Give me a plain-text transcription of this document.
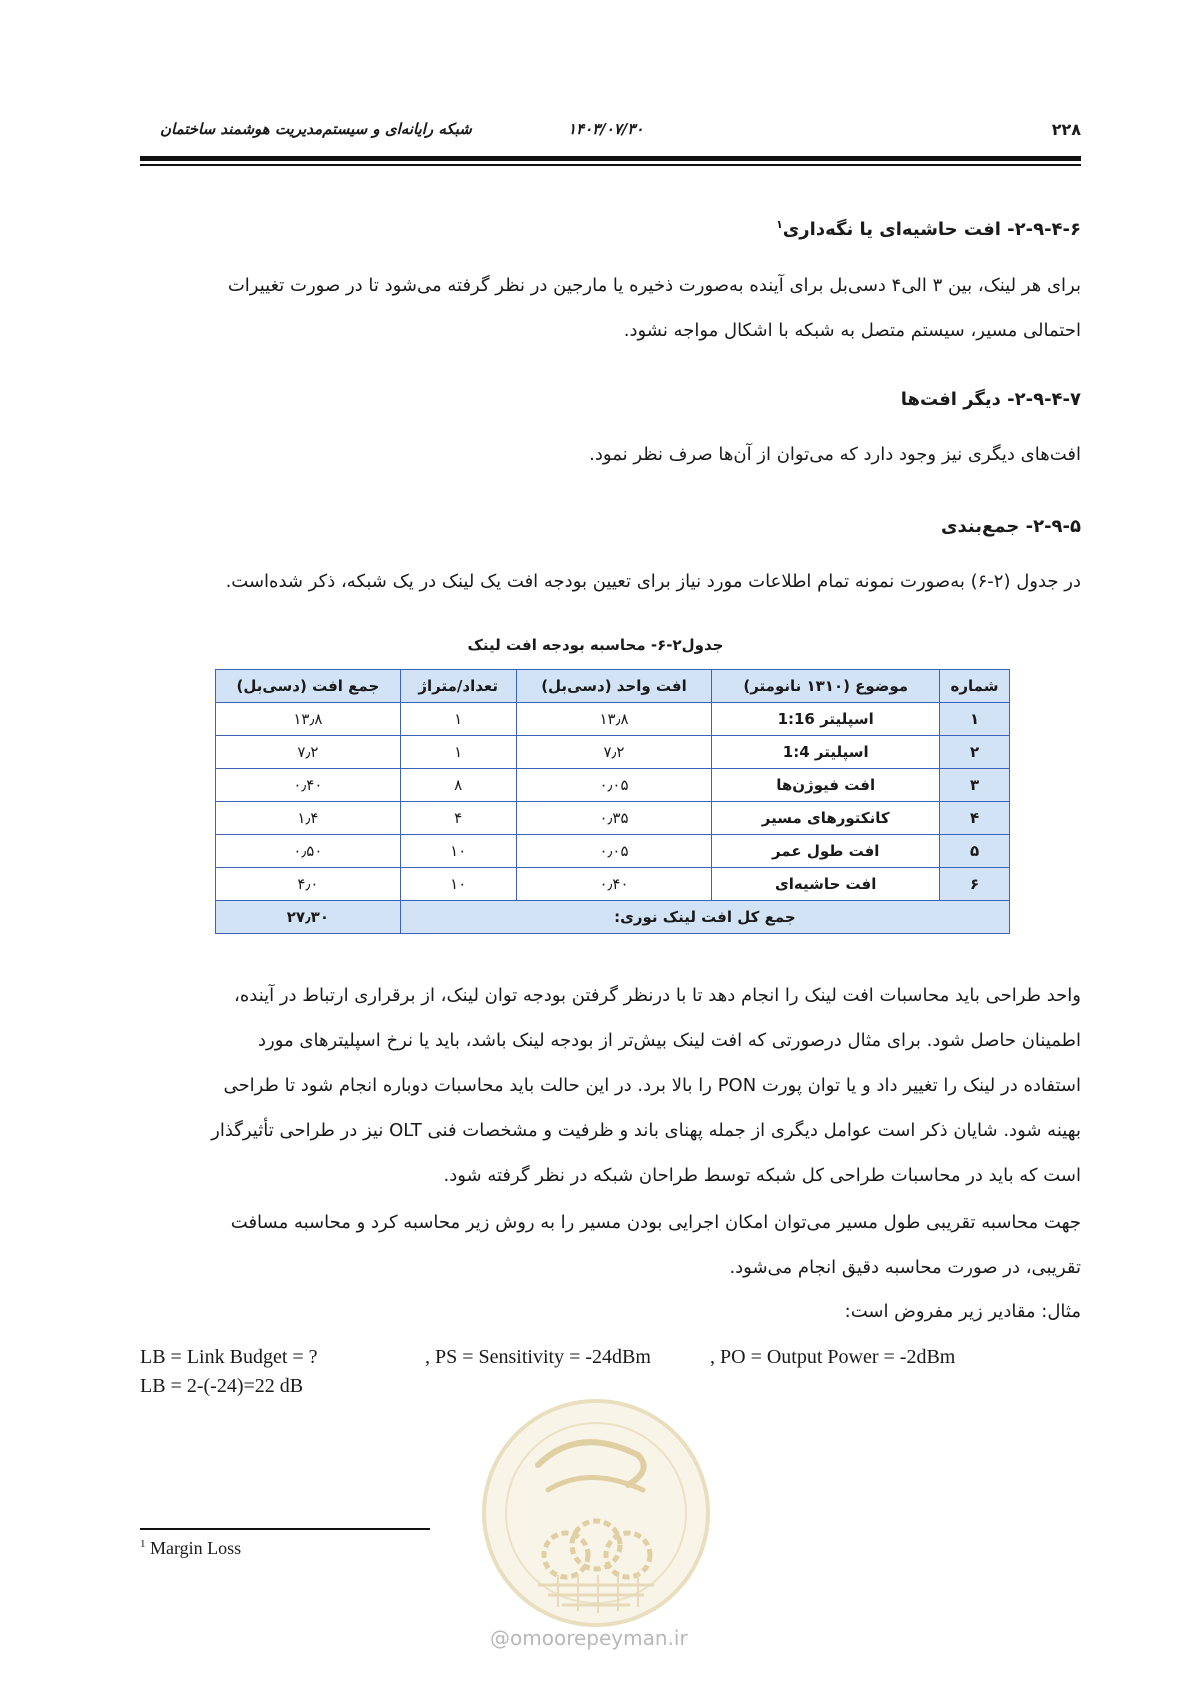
۲۲۸
۱۴۰۳/۰۷/۳۰
شبکه رایانه‌ای و سیستم‌مدیریت هوشمند ساختمان
۲-۹-۴-۶- افت حاشیه‌ای یا نگه‌داری$^۱$
برای هر لینک، بین ۳ الی۴ دسی‌بل برای آینده به‌صورت ذخیره یا مارجین در نظر گرفته می‌شود تا در صورت تغییرات
احتمالی مسیر، سیستم متصل به شبکه با اشکال مواجه نشود.
۲-۹-۴-۷- دیگر افت‌ها
افت‌های دیگری نیز وجود دارد که می‌توان از آن‌ها صرف نظر نمود.
۲-۹-۵- جمع‌بندی
در جدول (۲-۶) به‌صورت نمونه تمام اطلاعات مورد نیاز برای تعیین بودجه افت یک لینک در یک شبکه، ذکر شده‌است.
جدول۲-۶- محاسبه بودجه افت لینک
شماره	موضوع (۱۳۱۰ نانومتر)	افت واحد (دسی‌بل)	تعداد/متراژ	جمع افت (دسی‌بل)
۱	اسپلیتر 1:16	۱۳٫۸	۱	۱۳٫۸
۲	اسپلیتر 1:4	۷٫۲	۱	۷٫۲
۳	افت فیوژن‌ها	۰٫۰۵	۸	۰٫۴۰
۴	کانکتورهای مسیر	۰٫۳۵	۴	۱٫۴
۵	افت طول عمر	۰٫۰۵	۱۰	۰٫۵۰
۶	افت حاشیه‌ای	۰٫۴۰	۱۰	۴٫۰
جمع کل افت لینک نوری:				۲۷٫۳۰
واحد طراحی باید محاسبات افت لینک را انجام دهد تا با درنظر گرفتن بودجه توان لینک، از برقراری ارتباط در آینده،
اطمینان حاصل شود. برای مثال درصورتی که افت لینک بیش‌تر از بودجه لینک باشد، باید یا نرخ اسپلیترهای مورد
استفاده در لینک را تغییر داد و یا توان پورت PON را بالا برد. در این حالت باید محاسبات دوباره انجام شود تا طراحی
بهینه شود. شایان ذکر است عوامل دیگری از جمله پهنای باند و ظرفیت و مشخصات فنی OLT نیز در طراحی تأثیرگذار
است که باید در محاسبات طراحی کل شبکه توسط طراحان شبکه در نظر گرفته شود.
جهت محاسبه تقریبی طول مسیر می‌توان امکان اجرایی بودن مسیر را به روش زیر محاسبه کرد و محاسبه مسافت
تقریبی، در صورت محاسبه دقیق انجام می‌شود.
مثال: مقادیر زیر مفروض است:
LB = Link Budget = ?	, PS = Sensitivity = -24dBm	, PO = Output Power = -2dBm
LB = 2-(-24)=22 dB
@omoorepeyman.ir
$^1$ Margin Loss
